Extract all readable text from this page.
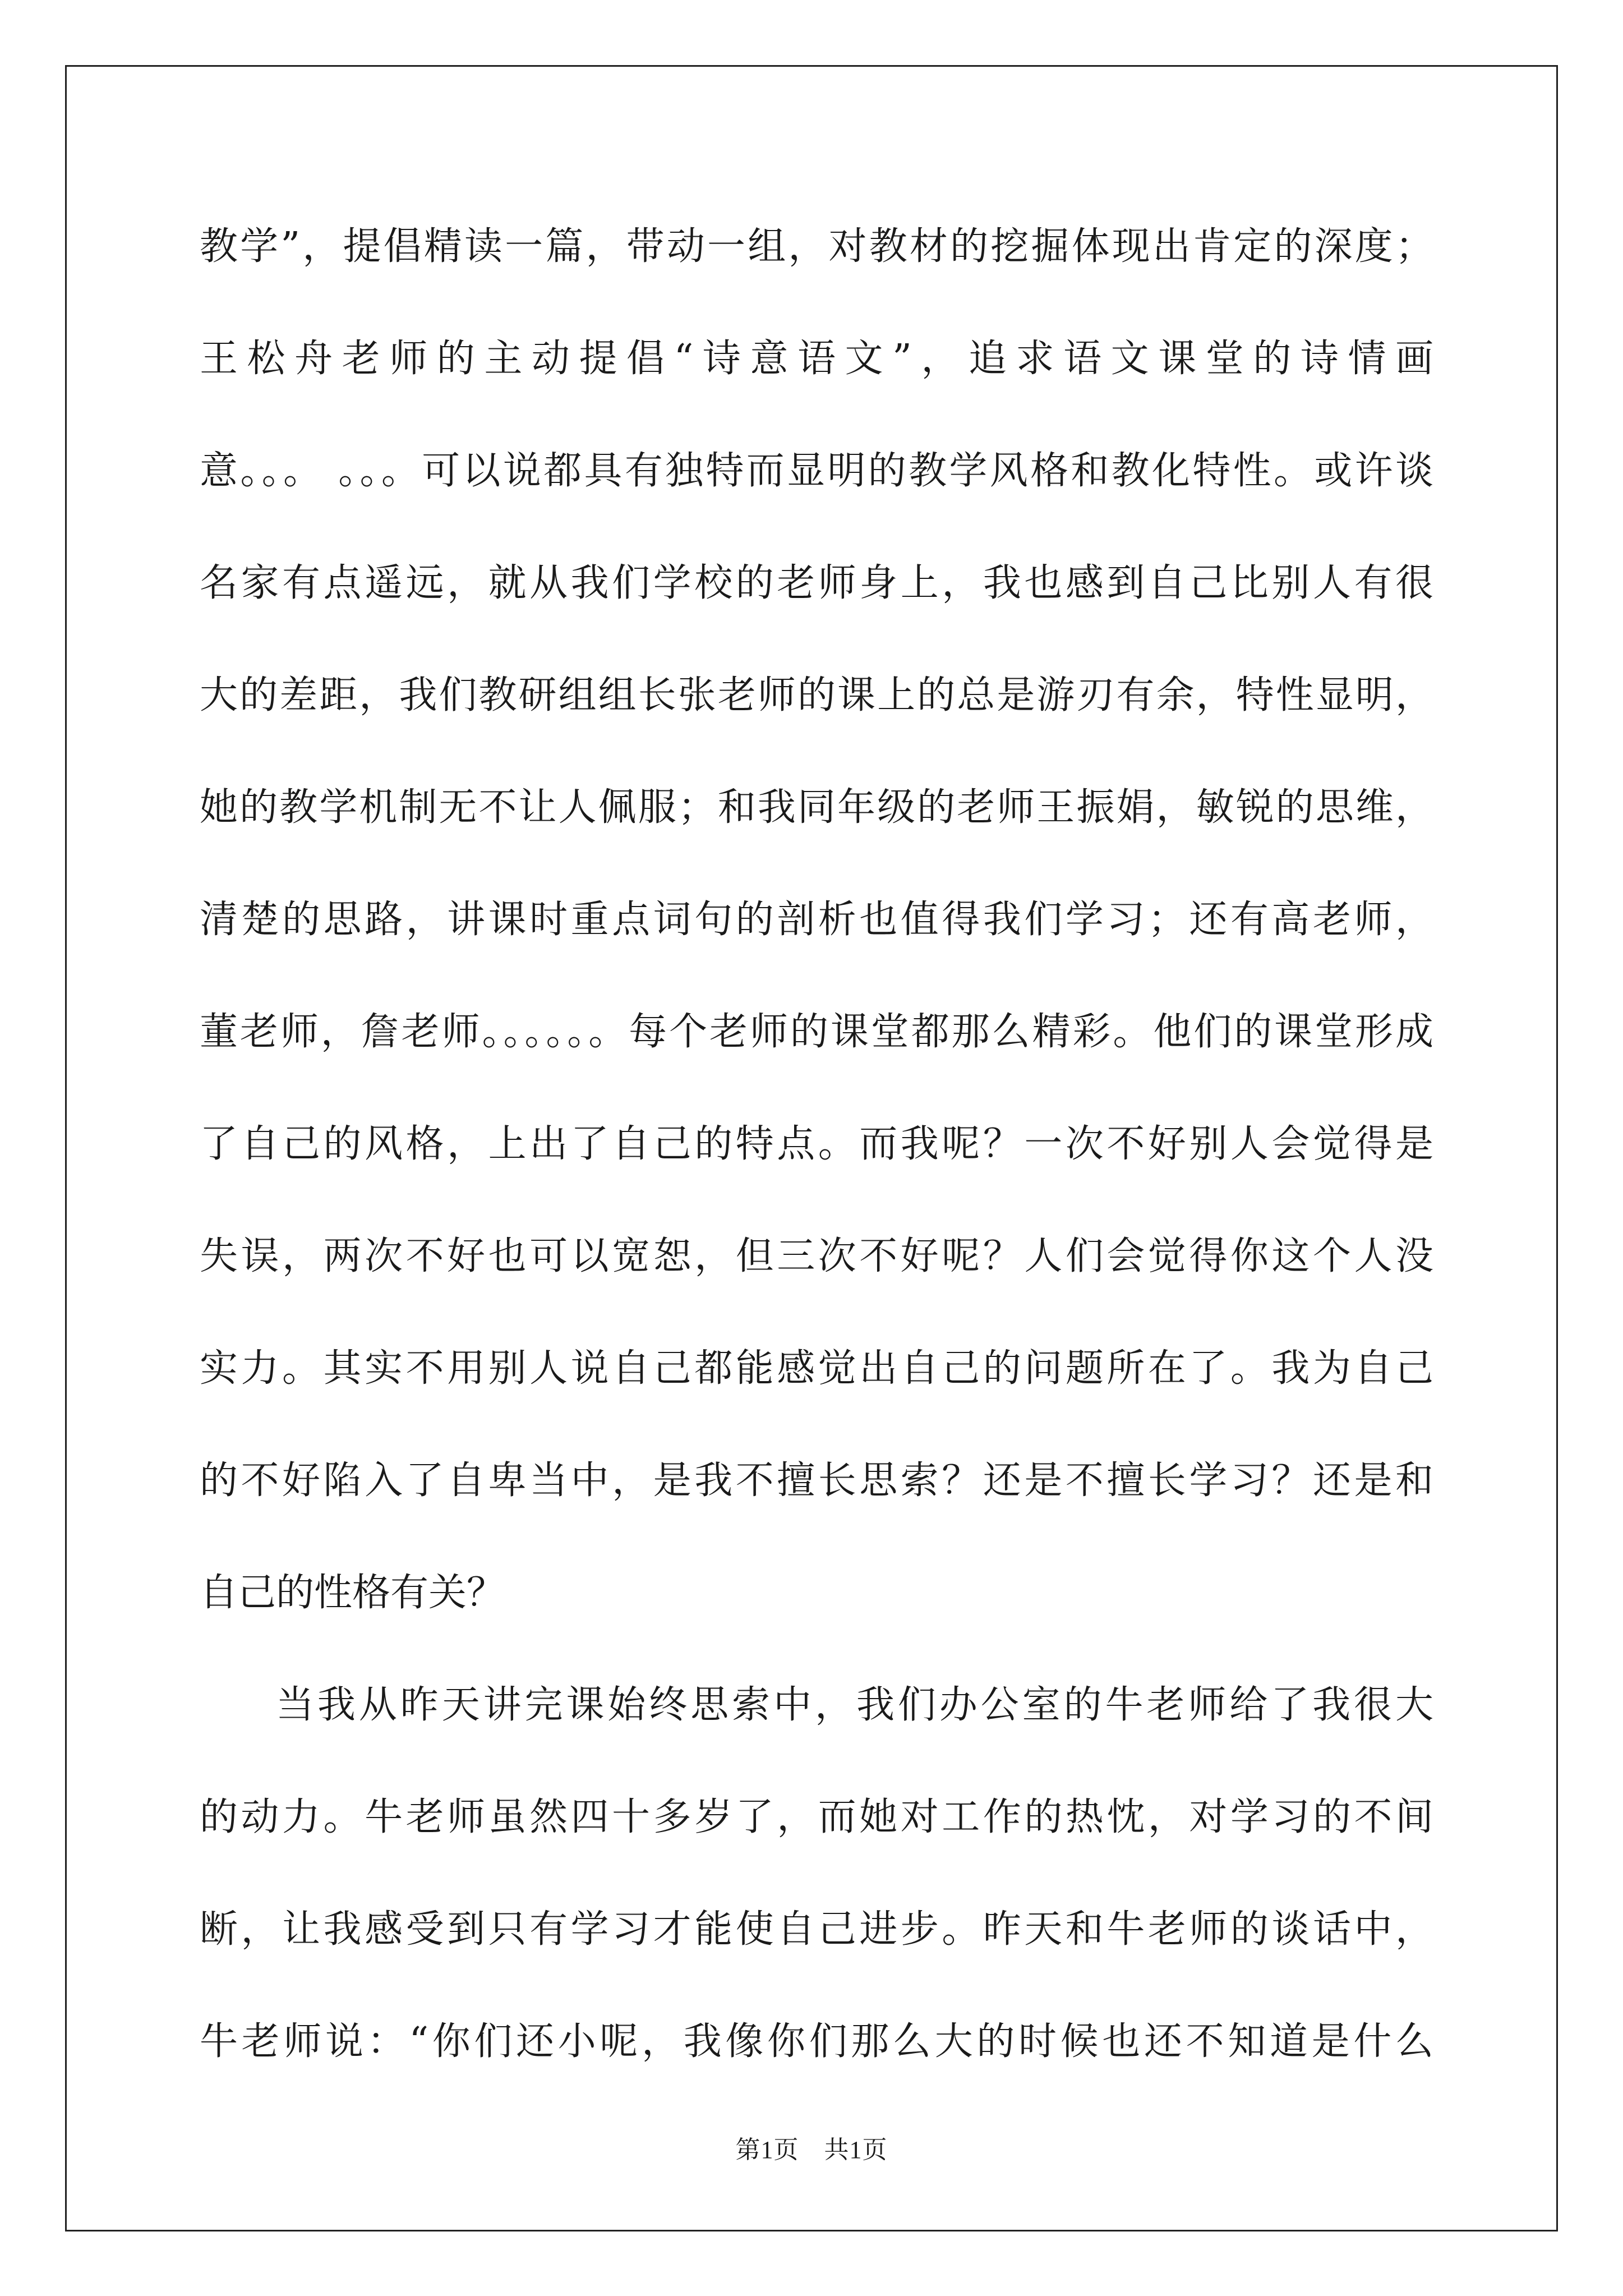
教学”，提倡精读一篇，带动一组，对教材的挖掘体现出肯定的深度；
王松舟老师的主动提倡“诗意语文”，追求语文课堂的诗情画
意。。。 。。。可以说都具有独特而显明的教学风格和教化特性。或许谈
名家有点遥远，就从我们学校的老师身上，我也感到自己比别人有很
大的差距，我们教研组组长张老师的课上的总是游刃有余，特性显明，
她的教学机制无不让人佩服；和我同年级的老师王振娟，敏锐的思维，
清楚的思路，讲课时重点词句的剖析也值得我们学习；还有高老师，
董老师，詹老师。。。。。。每个老师的课堂都那么精彩。他们的课堂形成
了自己的风格，上出了自己的特点。而我呢？一次不好别人会觉得是
失误，两次不好也可以宽恕，但三次不好呢？人们会觉得你这个人没
实力。其实不用别人说自己都能感觉出自己的问题所在了。我为自己
的不好陷入了自卑当中，是我不擅长思索？还是不擅长学习？还是和
自己的性格有关？
当我从昨天讲完课始终思索中，我们办公室的牛老师给了我很大
的动力。牛老师虽然四十多岁了，而她对工作的热忱，对学习的不间
断，让我感受到只有学习才能使自己进步。昨天和牛老师的谈话中，
牛老师说：“你们还小呢，我像你们那么大的时候也还不知道是什么
第1页　共1页
